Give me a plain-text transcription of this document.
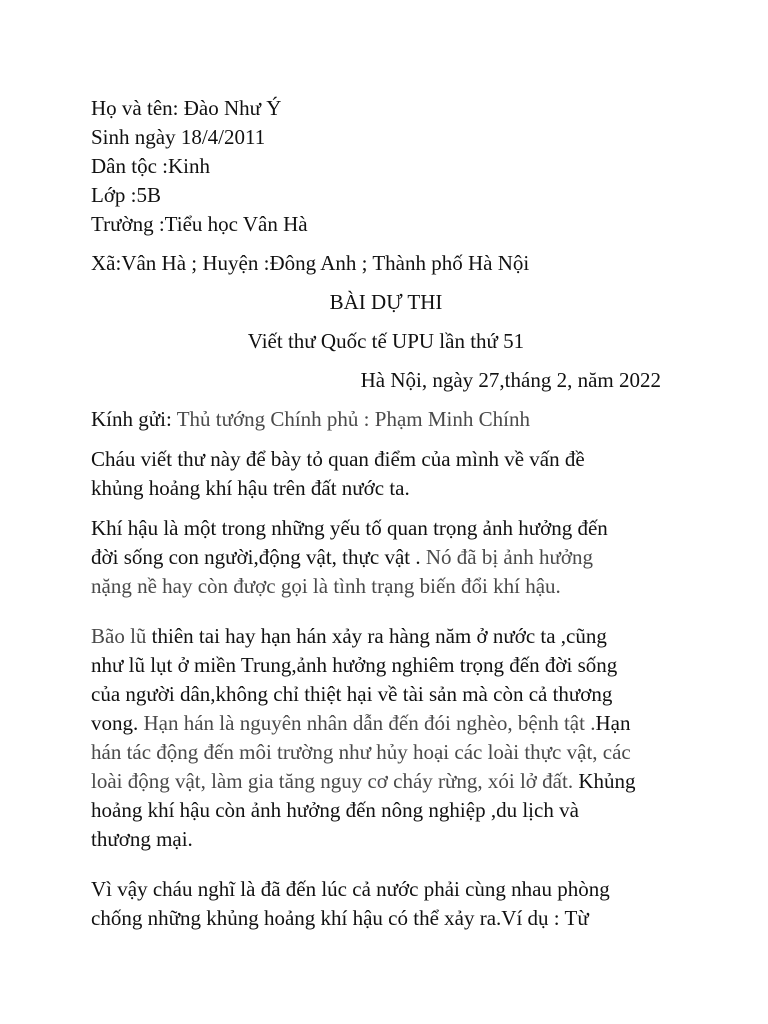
Họ và tên: Đào Như Ý
Sinh ngày 18/4/2011
Dân tộc :Kinh
Lớp :5B
Trường :Tiểu học Vân Hà
Xã:Vân Hà ; Huyện :Đông Anh ; Thành phố Hà Nội
BÀI DỰ THI
Viết thư Quốc tế UPU lần thứ 51
Hà Nội, ngày 27,tháng 2, năm 2022
Kính gửi: Thủ tướng Chính phủ : Phạm Minh Chính
Cháu viết thư này để bày tỏ quan điểm của mình về vấn đề
khủng hoảng khí hậu trên đất nước ta.
Khí hậu là một trong những yếu tố quan trọng ảnh hưởng đến
đời sống con người,động vật, thực vật . Nó đã bị ảnh hưởng
nặng nề hay còn được gọi là tình trạng biến đổi khí hậu.
Bão lũ thiên tai hay hạn hán xảy ra hàng năm ở nước ta ,cũng
như lũ lụt ở miền Trung,ảnh hưởng nghiêm trọng đến đời sống
của người dân,không chỉ thiệt hại về tài sản mà còn cả thương
vong. Hạn hán là nguyên nhân dẫn đến đói nghèo, bệnh tật .Hạn
hán tác động đến môi trường như hủy hoại các loài thực vật, các
loài động vật, làm gia tăng nguy cơ cháy rừng, xói lở đất. Khủng
hoảng khí hậu còn ảnh hưởng đến nông nghiệp ,du lịch và
thương mại.
Vì vậy cháu nghĩ là đã đến lúc cả nước phải cùng nhau phòng
chống những khủng hoảng khí hậu có thể xảy ra.Ví dụ : Từ
